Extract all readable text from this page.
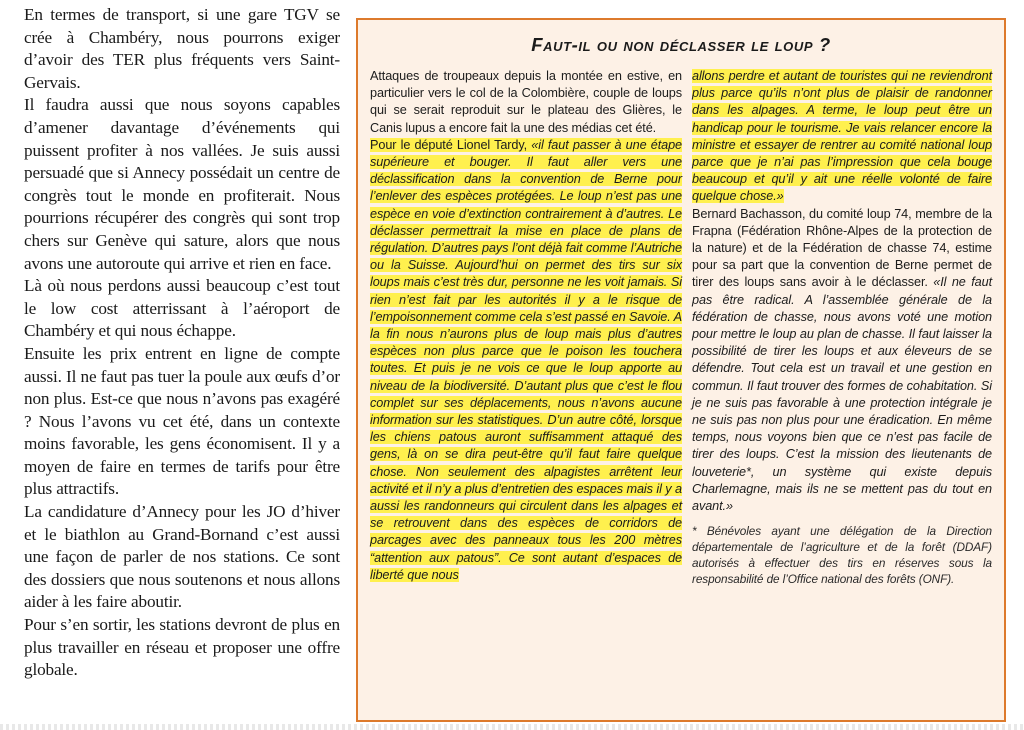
En termes de transport, si une gare TGV se crée à Chambéry, nous pourrons exiger d’avoir des TER plus fréquents vers Saint-Gervais.

Il faudra aussi que nous soyons capables d’amener davantage d’événements qui puissent profiter à nos vallées. Je suis aussi persuadé que si Annecy possédait un centre de congrès tout le monde en profiterait. Nous pourrions récupérer des congrès qui sont trop chers sur Genève qui sature, alors que nous avons une autoroute qui arrive et rien en face.

Là où nous perdons aussi beaucoup c’est tout le low cost atterrissant à l’aéroport de Chambéry et qui nous échappe.

Ensuite les prix entrent en ligne de compte aussi. Il ne faut pas tuer la poule aux œufs d’or non plus. Est-ce que nous n’avons pas exagéré ? Nous l’avons vu cet été, dans un contexte moins favorable, les gens économisent. Il y a moyen de faire en termes de tarifs pour être plus attractifs.

La candidature d’Annecy pour les JO d’hiver et le biathlon au Grand-Bornand c’est aussi une façon de parler de nos stations. Ce sont des dossiers que nous soutenons et nous allons aider à les faire aboutir.

Pour s’en sortir, les stations devront de plus en plus travailler en réseau et proposer une offre globale.

Faut-il ou non déclasser le loup ?

Attaques de troupeaux depuis la montée en estive, en particulier vers le col de la Colombière, couple de loups qui se serait reproduit sur le plateau des Glières, le Canis lupus a encore fait la une des médias cet été.

Pour le député Lionel Tardy, «il faut passer à une étape supérieure et bouger. Il faut aller vers une déclassification dans la convention de Berne pour l’enlever des espèces protégées. Le loup n’est pas une espèce en voie d’extinction contrairement à d’autres. Le déclasser permettrait la mise en place de plans de régulation. D’autres pays l’ont déjà fait comme l’Autriche ou la Suisse. Aujourd’hui on permet des tirs sur six loups mais c’est très dur, personne ne les voit jamais. Si rien n’est fait par les autorités il y a le risque de l’empoisonnement comme cela s’est passé en Savoie. A la fin nous n’aurons plus de loup mais plus d’autres espèces non plus parce que le poison les touchera toutes. Et puis je ne vois ce que le loup apporte au niveau de la biodiversité. D’autant plus que c’est le flou complet sur ses déplacements, nous n’avons aucune information sur les statistiques. D’un autre côté, lorsque les chiens patous auront suffisamment attaqué des gens, là on se dira peut-être qu’il faut faire quelque chose. Non seulement des alpagistes arrêtent leur activité et il n’y a plus d’entretien des espaces mais il y a aussi les randonneurs qui circulent dans les alpages et se retrouvent dans des espèces de corridors de parcages avec des panneaux tous les 200 mètres “attention aux patous”. Ce sont autant d’espaces de liberté que nous

allons perdre et autant de touristes qui ne reviendront plus parce qu’ils n’ont plus de plaisir de randonner dans les alpages. A terme, le loup peut être un handicap pour le tourisme. Je vais relancer encore la ministre et essayer de rentrer au comité national loup parce que je n’ai pas l’impression que cela bouge beaucoup et qu’il y ait une réelle volonté de faire quelque chose.»

Bernard Bachasson, du comité loup 74, membre de la Frapna (Fédération Rhône-Alpes de la protection de la nature) et de la Fédération de chasse 74, estime pour sa part que la convention de Berne permet de tirer des loups sans avoir à le déclasser. «Il ne faut pas être radical. A l’assemblée générale de la fédération de chasse, nous avons voté une motion pour mettre le loup au plan de chasse. Il faut laisser la possibilité de tirer les loups et aux éleveurs de se défendre. Tout cela est un travail et une gestion en commun. Il faut trouver des formes de cohabitation. Si je ne suis pas favorable à une protection intégrale je ne suis pas non plus pour une éradication. En même temps, nous voyons bien que ce n’est pas facile de tirer des loups. C’est la mission des lieutenants de louveterie*, un système qui existe depuis Charlemagne, mais ils ne se mettent pas du tout en avant.»

* Bénévoles ayant une délégation de la Direction départementale de l’agriculture et de la forêt (DDAF) autorisés à effectuer des tirs en réserves sous la responsabilité de l’Office national des forêts (ONF).
